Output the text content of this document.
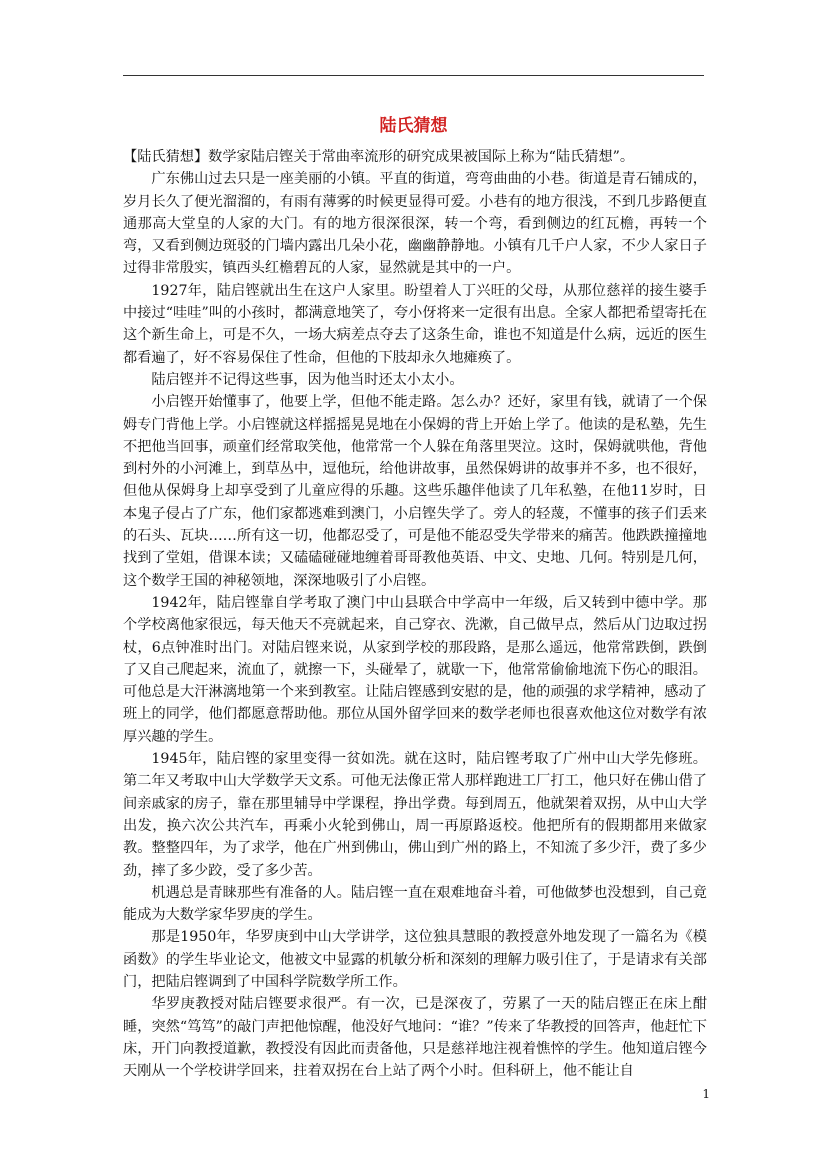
陆氏猜想

【陆氏猜想】数学家陆启铿关于常曲率流形的研究成果被国际上称为“陆氏猜想”。

广东佛山过去只是一座美丽的小镇。平直的街道，弯弯曲曲的小巷。街道是青石铺成的，岁月长久了便光溜溜的，有雨有薄雾的时候更显得可爱。小巷有的地方很浅，不到几步路便直通那高大堂皇的人家的大门。有的地方很深很深，转一个弯，看到侧边的红瓦檐，再转一个弯，又看到侧边斑驳的门墙内露出几朵小花，幽幽静静地。小镇有几千户人家，不少人家日子过得非常殷实，镇西头红檐碧瓦的人家，显然就是其中的一户。

1927年，陆启铿就出生在这户人家里。盼望着人丁兴旺的父母，从那位慈祥的接生婆手中接过“哇哇”叫的小孩时，都满意地笑了，夸小伢将来一定很有出息。全家人都把希望寄托在这个新生命上，可是不久，一场大病差点夺去了这条生命，谁也不知道是什么病，远近的医生都看遍了，好不容易保住了性命，但他的下肢却永久地瘫痪了。

陆启铿并不记得这些事，因为他当时还太小太小。

小启铿开始懂事了，他要上学，但他不能走路。怎么办？还好，家里有钱，就请了一个保姆专门背他上学。小启铿就这样摇摇晃晃地在小保姆的背上开始上学了。他读的是私塾，先生不把他当回事，顽童们经常取笑他，他常常一个人躲在角落里哭泣。这时，保姆就哄他，背他到村外的小河滩上，到草丛中，逗他玩，给他讲故事，虽然保姆讲的故事并不多，也不很好，但他从保姆身上却享受到了儿童应得的乐趣。这些乐趣伴他读了几年私塾，在他11岁时，日本鬼子侵占了广东，他们家都逃难到澳门，小启铿失学了。旁人的轻蔑，不懂事的孩子们丢来的石头、瓦块……所有这一切，他都忍受了，可是他不能忍受失学带来的痛苦。他跌跌撞撞地找到了堂姐，借课本读；又磕磕碰碰地缠着哥哥教他英语、中文、史地、几何。特别是几何，这个数学王国的神秘领地，深深地吸引了小启铿。

1942年，陆启铿靠自学考取了澳门中山县联合中学高中一年级，后又转到中德中学。那个学校离他家很远，每天他天不亮就起来，自己穿衣、洗漱，自己做早点，然后从门边取过拐杖，6点钟准时出门。对陆启铿来说，从家到学校的那段路，是那么遥远，他常常跌倒，跌倒了又自己爬起来，流血了，就擦一下，头碰晕了，就歇一下，他常常偷偷地流下伤心的眼泪。可他总是大汗淋漓地第一个来到教室。让陆启铿感到安慰的是，他的顽强的求学精神，感动了班上的同学，他们都愿意帮助他。那位从国外留学回来的数学老师也很喜欢他这位对数学有浓厚兴趣的学生。

1945年，陆启铿的家里变得一贫如洗。就在这时，陆启铿考取了广州中山大学先修班。第二年又考取中山大学数学天文系。可他无法像正常人那样跑进工厂打工，他只好在佛山借了间亲戚家的房子，靠在那里辅导中学课程，挣出学费。每到周五，他就架着双拐，从中山大学出发，换六次公共汽车，再乘小火轮到佛山，周一再原路返校。他把所有的假期都用来做家教。整整四年，为了求学，他在广州到佛山，佛山到广州的路上，不知流了多少汗，费了多少劲，摔了多少跤，受了多少苦。

机遇总是青睐那些有准备的人。陆启铿一直在艰难地奋斗着，可他做梦也没想到，自己竟能成为大数学家华罗庚的学生。

那是1950年，华罗庚到中山大学讲学，这位独具慧眼的教授意外地发现了一篇名为《模函数》的学生毕业论文，他被文中显露的机敏分析和深刻的理解力吸引住了，于是请求有关部门，把陆启铿调到了中国科学院数学所工作。

华罗庚教授对陆启铿要求很严。有一次，已是深夜了，劳累了一天的陆启铿正在床上酣睡，突然“笃笃”的敲门声把他惊醒，他没好气地问：“谁？”传来了华教授的回答声，他赶忙下床，开门向教授道歉，教授没有因此而责备他，只是慈祥地注视着憔悴的学生。他知道启铿今天刚从一个学校讲学回来，拄着双拐在台上站了两个小时。但科研上，他不能让自

1
